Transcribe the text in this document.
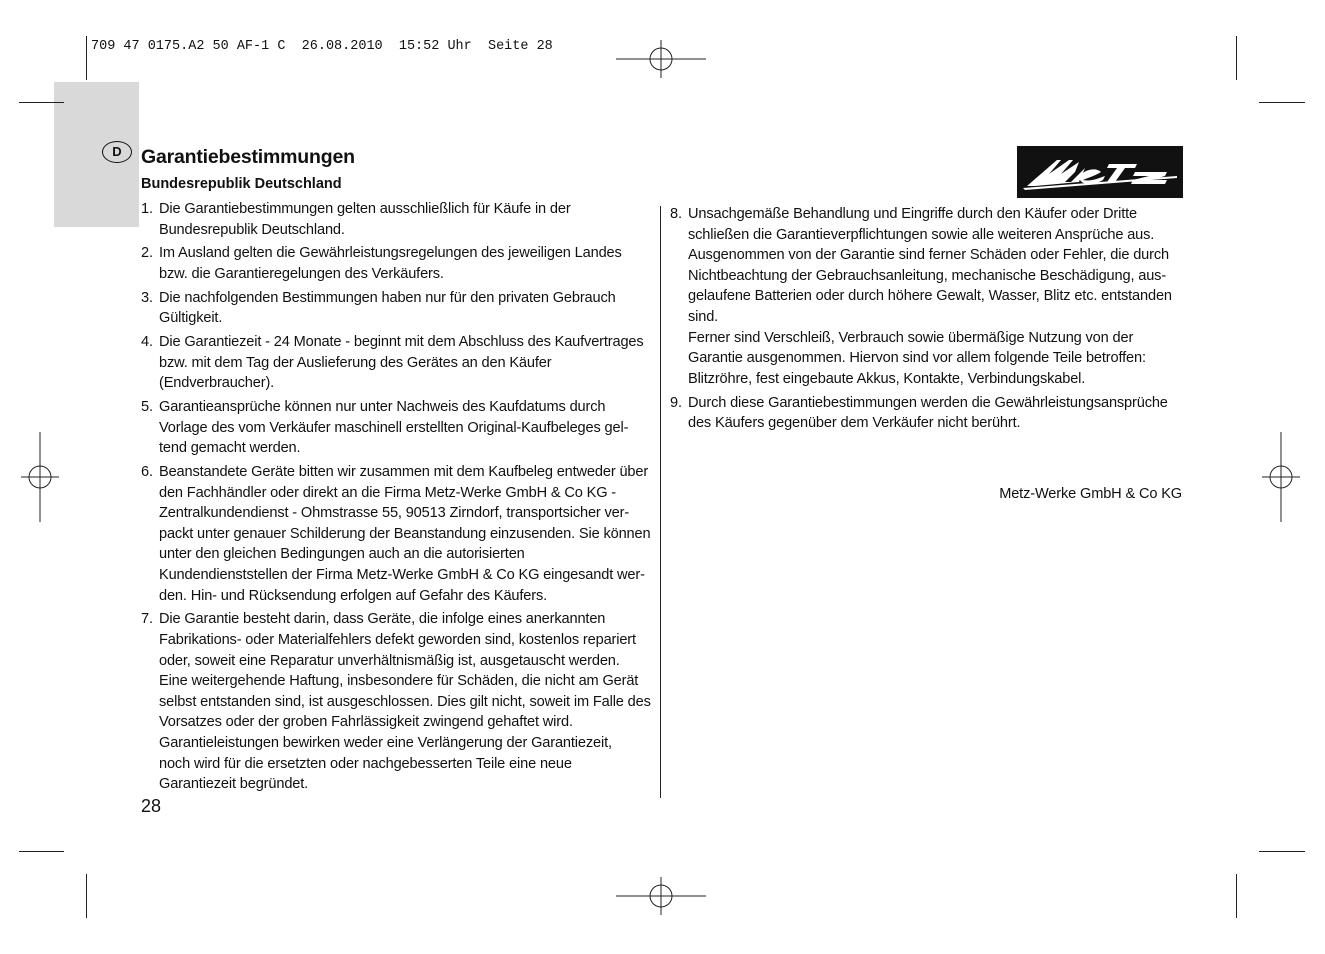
709 47 0175.A2 50 AF-1 C  26.08.2010  15:52 Uhr  Seite 28
D Garantiebestimmungen
Bundesrepublik Deutschland
1. Die Garantiebestimmungen gelten ausschließlich für Käufe in der
Bundesrepublik Deutschland.
2. Im Ausland gelten die Gewährleistungsregelungen des jeweiligen Landes
bzw. die Garantieregelungen des Verkäufers.
3. Die nachfolgenden Bestimmungen haben nur für den privaten Gebrauch
Gültigkeit.
4. Die Garantiezeit - 24 Monate - beginnt mit dem Abschluss des Kaufvertrages
bzw. mit dem Tag der Auslieferung des Gerätes an den Käufer
(Endverbraucher).
5. Garantieansprüche können nur unter Nachweis des Kaufdatums durch
Vorlage des vom Verkäufer maschinell erstellten Original-Kaufbeleges gel-
tend gemacht werden.
6. Beanstandete Geräte bitten wir zusammen mit dem Kaufbeleg entweder über
den Fachhändler oder direkt an die Firma Metz-Werke GmbH & Co KG -
Zentralkundendienst - Ohmstrasse 55, 90513 Zirndorf, transportsicher ver-
packt unter genauer Schilderung der Beanstandung einzusenden. Sie können
unter den gleichen Bedingungen auch an die autorisierten
Kundendienststellen der Firma Metz-Werke GmbH & Co KG eingesandt wer-
den. Hin- und Rücksendung erfolgen auf Gefahr des Käufers.
7. Die Garantie besteht darin, dass Geräte, die infolge eines anerkannten
Fabrikations- oder Materialfehlers defekt geworden sind, kostenlos repariert
oder, soweit eine Reparatur unverhältnismäßig ist, ausgetauscht werden.
Eine weitergehende Haftung, insbesondere für Schäden, die nicht am Gerät
selbst entstanden sind, ist ausgeschlossen. Dies gilt nicht, soweit im Falle des
Vorsatzes oder der groben Fahrlässigkeit zwingend gehaftet wird.
Garantieleistungen bewirken weder eine Verlängerung der Garantiezeit,
noch wird für die ersetzten oder nachgebesserten Teile eine neue
Garantiezeit begründet.
8. Unsachgemäße Behandlung und Eingriffe durch den Käufer oder Dritte
schließen die Garantieverpflichtungen sowie alle weiteren Ansprüche aus.
Ausgenommen von der Garantie sind ferner Schäden oder Fehler, die durch
Nichtbeachtung der Gebrauchsanleitung, mechanische Beschädigung, aus-
gelaufene Batterien oder durch höhere Gewalt, Wasser, Blitz etc. entstanden
sind.
Ferner sind Verschleiß, Verbrauch sowie übermäßige Nutzung von der
Garantie ausgenommen. Hiervon sind vor allem folgende Teile betroffen:
Blitzröhre, fest eingebaute Akkus, Kontakte, Verbindungskabel.
9. Durch diese Garantiebestimmungen werden die Gewährleistungsansprüche
des Käufers gegenüber dem Verkäufer nicht berührt.
Metz-Werke GmbH & Co KG
28
